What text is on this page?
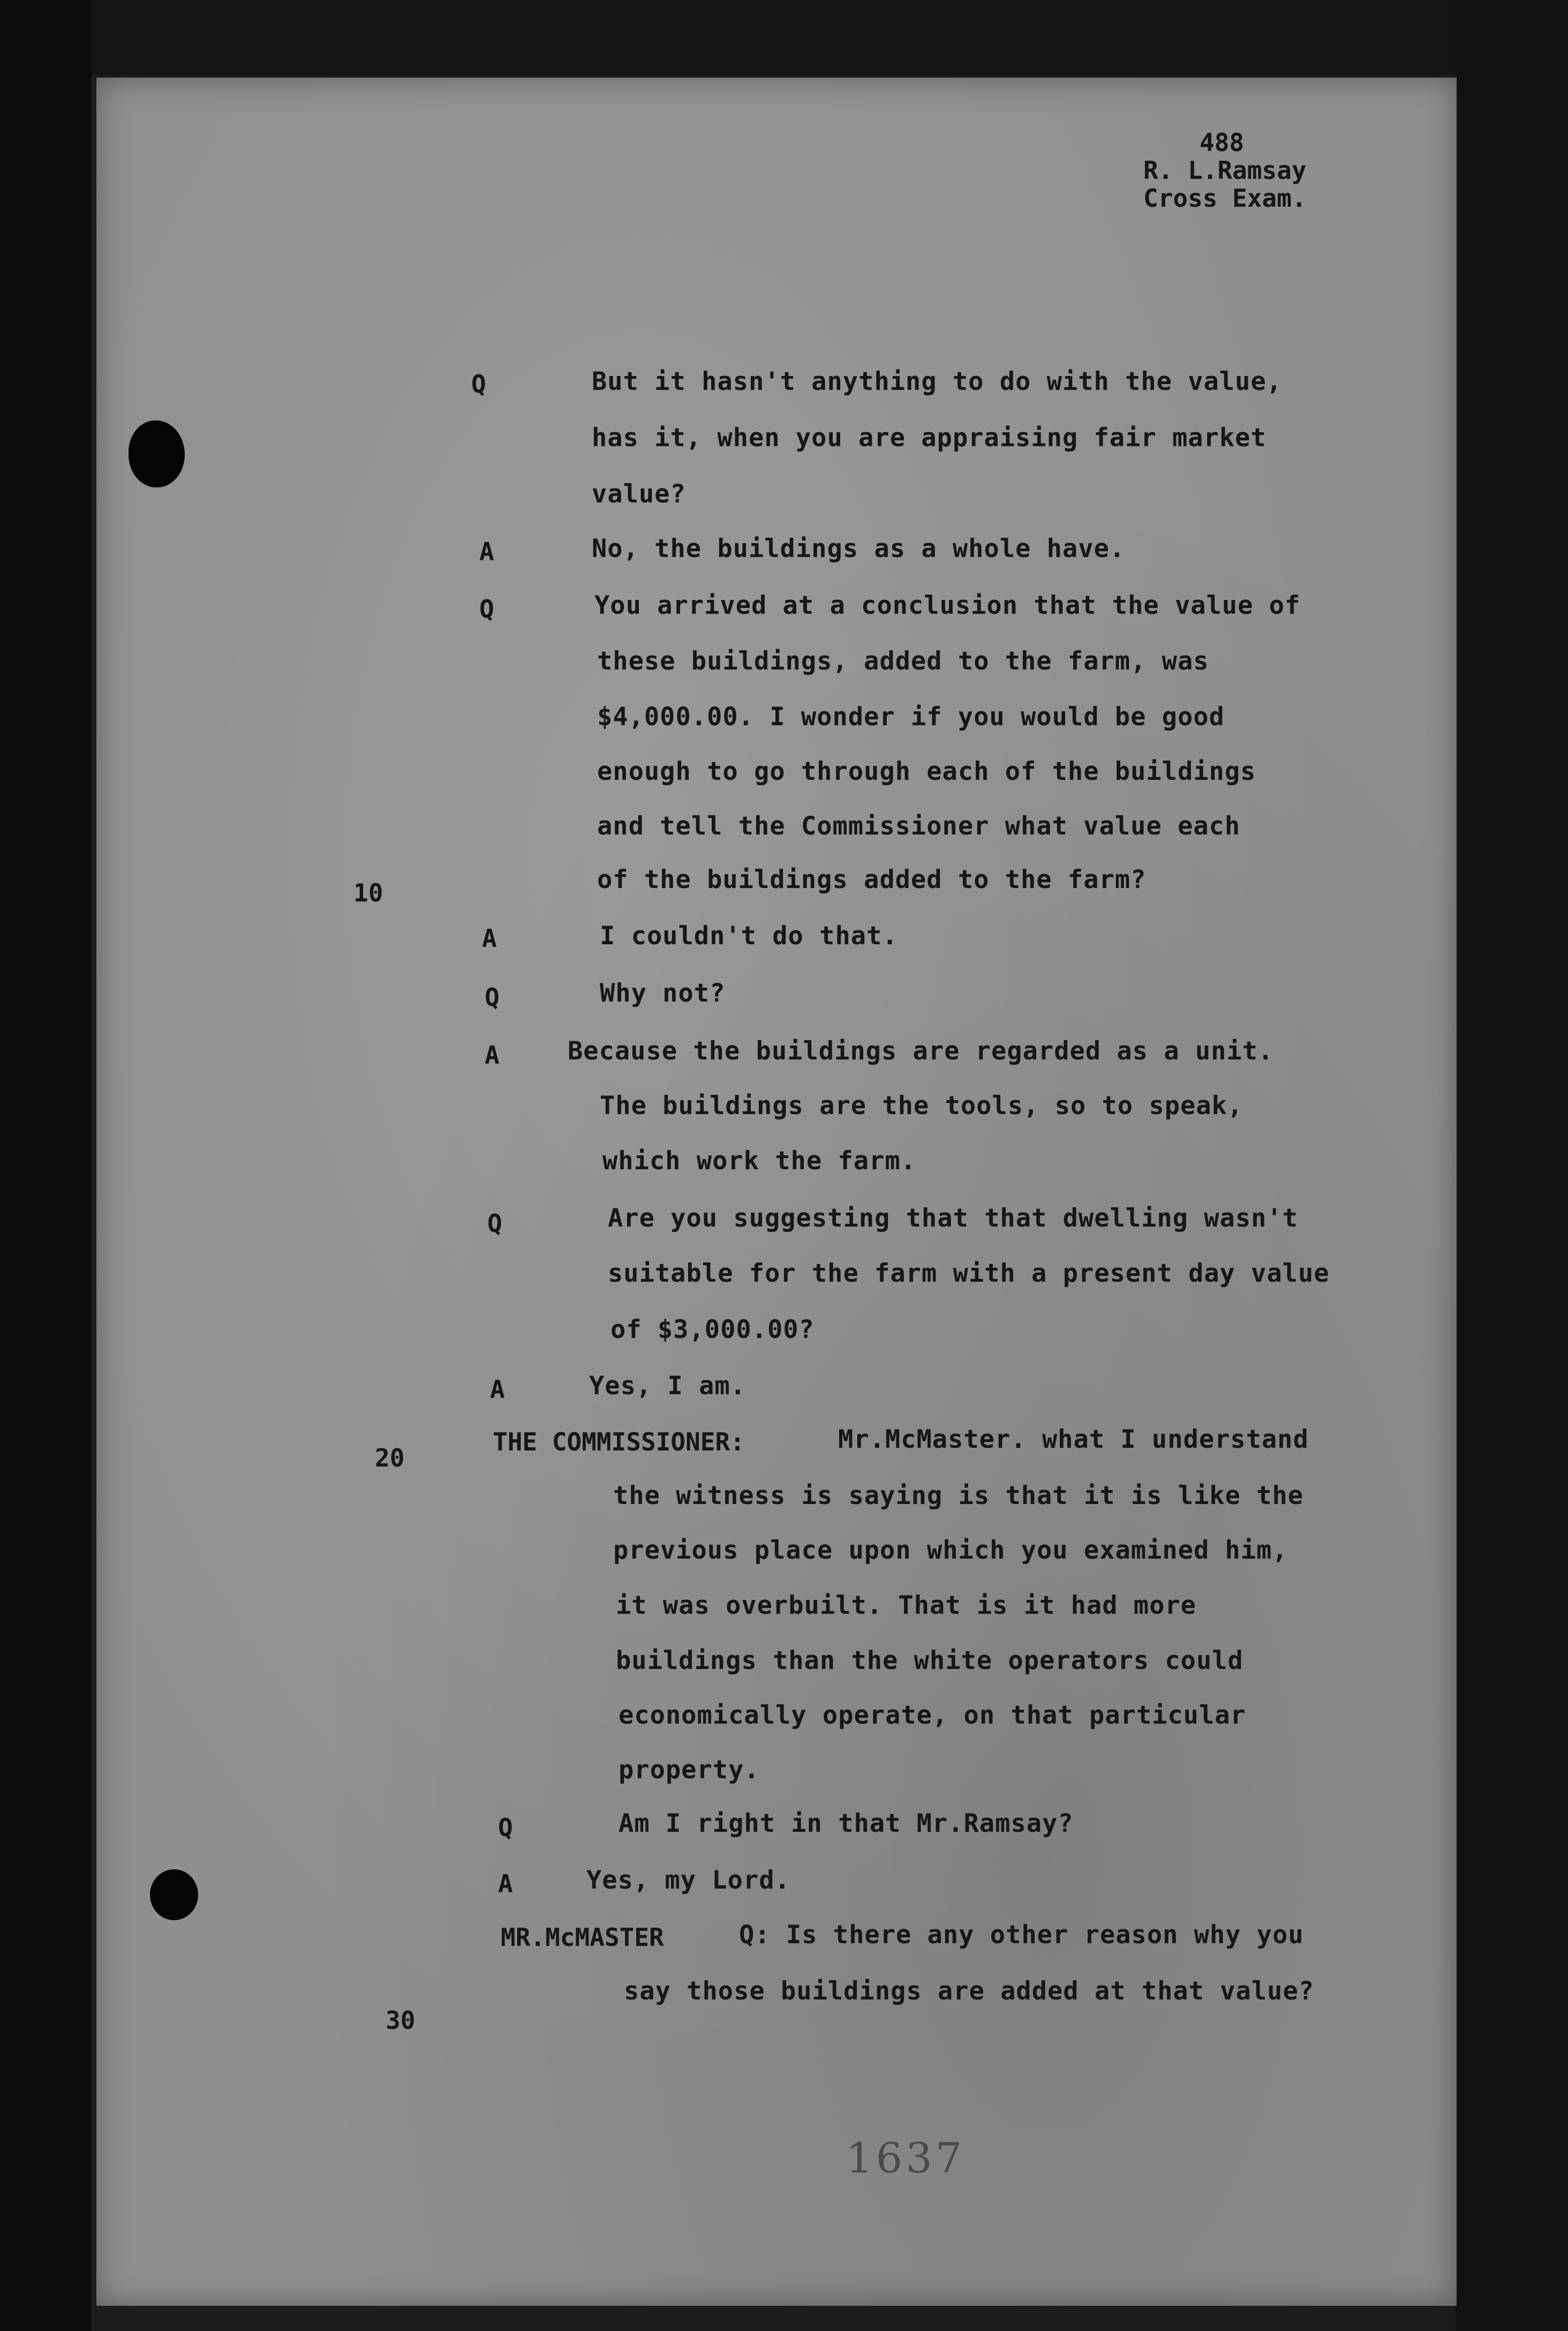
488
R. L.Ramsay
Cross Exam.
Q	But it hasn't anything to do with the value,
has it, when you are appraising fair market
value?
A	No, the buildings as a whole have.
Q	You arrived at a conclusion that the value of
these buildings, added to the farm, was
$4,000.00. I wonder if you would be good
enough to go through each of the buildings
and tell the Commissioner what value each
of the buildings added to the farm?
A	I couldn't do that.
Q	Why not?
A	Because the buildings are regarded as a unit.
The buildings are the tools, so to speak,
which work the farm.
Q	Are you suggesting that that dwelling wasn't
suitable for the farm with a present day value
of $3,000.00?
A	Yes, I am.
THE COMMISSIONER:	Mr.McMaster. what I understand
the witness is saying is that it is like the
previous place upon which you examined him,
it was overbuilt. That is it had more
buildings than the white operators could
economically operate, on that particular
property.
Q	Am I right in that Mr.Ramsay?
A	Yes, my Lord.
MR.McMASTER	Q: Is there any other reason why you
say those buildings are added at that value?
10
20
30
1637
